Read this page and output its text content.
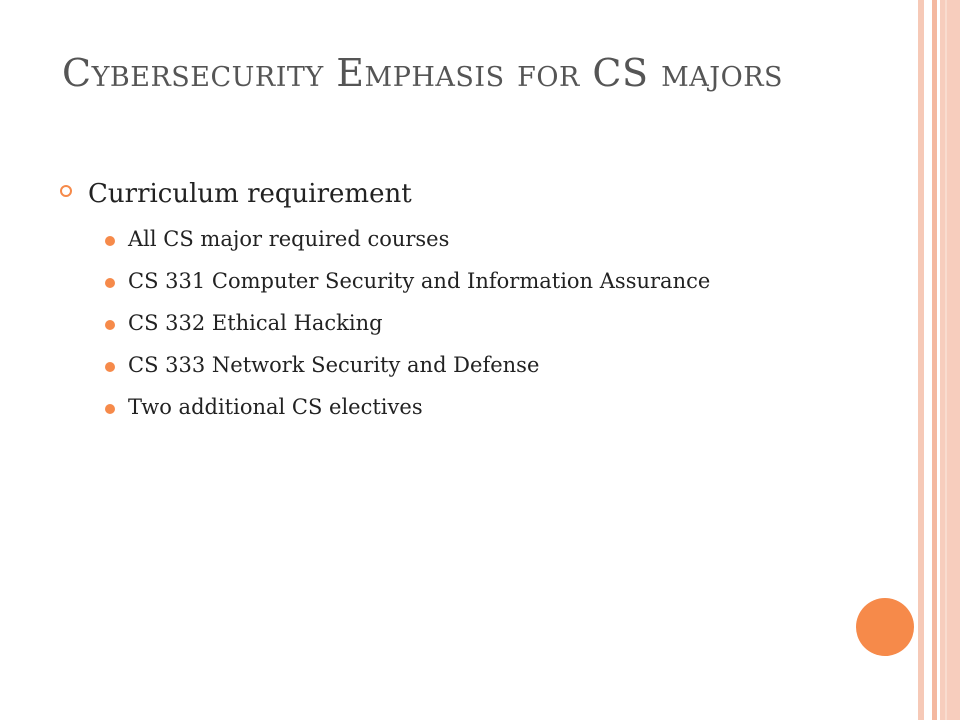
Cybersecurity Emphasis for CS majors
Curriculum requirement
All CS major required courses
CS 331 Computer Security and Information Assurance
CS 332 Ethical Hacking
CS 333 Network Security and Defense
Two additional CS electives
